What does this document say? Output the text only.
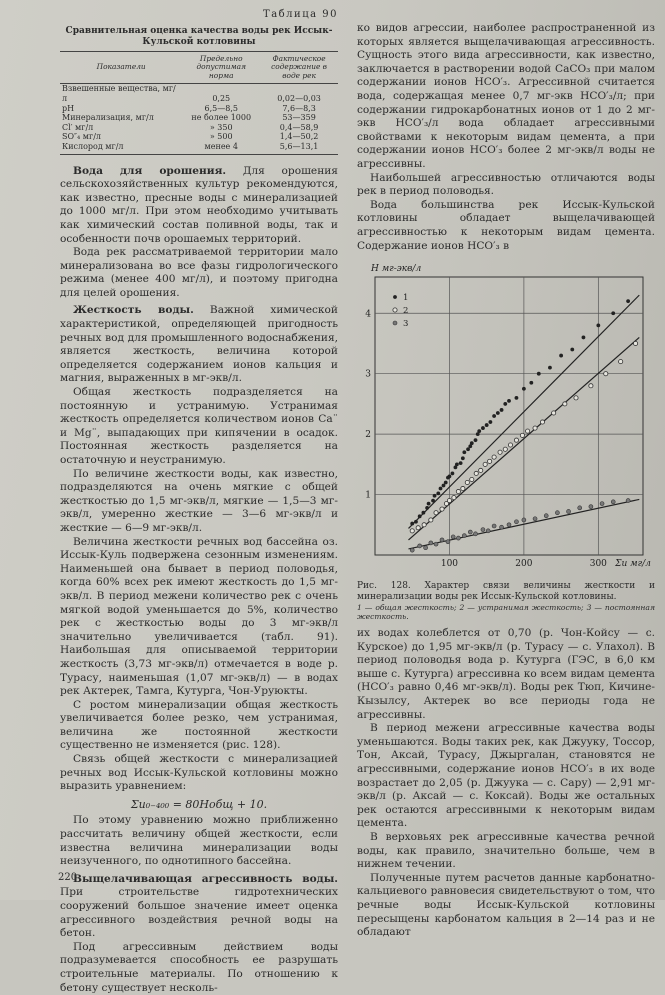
Таблица 90
Сравнительная оценка качества воды рек Иссык-Кульской котловины
Показатели	Предельно допустимая норма	Фактическое содержание в воде рек
Взвешенные вещества, мг/л	0,25	0,02—0,03
pH	6,5—8,5	7,6—8,3
Минерализация, мг/л	не более 1000	53—359
Cl′ мг/л	» 350	0,4—58,9
SO″₄ мг/л	» 500	1,4—50,2
Кислород мг/л	менее 4	5,6—13,1

Вода для орошения. Для орошения сельскохозяйственных культур рекомендуются, как известно, пресные воды с минерализацией до 1000 мг/л. При этом необходимо учитывать как химический состав поливной воды, так и особенности почв орошаемых территорий.

Вода рек рассматриваемой территории мало минерализована во все фазы гидрологического режима (менее 400 мг/л), и поэтому пригодна для целей орошения.

Жесткость воды. Важной химической характеристикой, определяющей пригодность речных вод для промышленного водоснабжения, является жесткость, величина которой определяется содержанием ионов кальция и магния, выраженных в мг-экв/л.

Общая жесткость подразделяется на постоянную и устранимую. Устранимая жесткость определяется количеством ионов Ca¨ и Mg¨, выпадающих при кипячении в осадок. Постоянная жесткость разделяется на остаточную и неустранимую.

По величине жесткости воды, как известно, подразделяются на очень мягкие с общей жесткостью до 1,5 мг-экв/л, мягкие — 1,5—3 мг-экв/л, умеренно жесткие — 3—6 мг-экв/л и жесткие — 6—9 мг-экв/л.

Величина жесткости речных вод бассейна оз. Иссык-Куль подвержена сезонным изменениям. Наименьшей она бывает в период половодья, когда 60% всех рек имеют жесткость до 1,5 мг-экв/л. В период межени количество рек с очень мягкой водой уменьшается до 5%, количество рек с жесткостью воды до 3 мг-экв/л значительно увеличивается (табл. 91). Наибольшая для описываемой территории жесткость (3,73 мг-экв/л) отмечается в воде р. Турасу, наименьшая (1,07 мг-экв/л) — в водах рек Актерек, Тамга, Кутурга, Чон-Уруюкты.

С ростом минерализации общая жесткость увеличивается более резко, чем устранимая, величина же постоянной жесткости существенно не изменяется (рис. 128).

Связь общей жесткости с минерализацией речных вод Иссык-Кульской котловины можно выразить уравнением:

Σи₀₋₄₀₀ = 80Hобщ + 10.

По этому уравнению можно приближенно рассчитать величину общей жесткости, если известна величина минерализации воды неизученного, по однотипного бассейна.

Выщелачивающая агрессивность воды. При строительстве гидротехнических сооружений большое значение имеет оценка агрессивного воздействия речной воды на бетон.

Под агрессивным действием воды подразумевается способность ее разрушать строительные материалы. По отношению к бетону существует несколь-

ко видов агрессии, наиболее распространенной из которых является выщелачивающая агрессивность. Сущность этого вида агрессивности, как известно, заключается в растворении водой CaCO₃ при малом содержании ионов HCO′₃. Агрессивной считается вода, содержащая менее 0,7 мг-экв HCO′₃/л; при содержании гидрокарбонатных ионов от 1 до 2 мг-экв HCO′₃/л вода обладает агрессивными свойствами к некоторым видам цемента, а при содержании ионов HCO′₃ более 2 мг-экв/л воды не агрессивны.

Наибольшей агрессивностью отличаются воды рек в период половодья.

Вода большинства рек Иссык-Кульской котловины обладает выщелачивающей агрессивностью к некоторым видам цемента. Содержание ионов HCO′₃ в

100	200	300
1
2
3
4
H мг-экв/л
Σи мг/л
1
2
3

Рис. 128. Характер связи величины жесткости и минерализации воды рек Иссык-Кульской котловины.

1 — общая жесткость; 2 — устранимая жесткость; 3 — постоянная жесткость.

их водах колеблется от 0,70 (р. Чон-Койсу — с. Курское) до 1,95 мг-экв/л (р. Турасу — с. Улахол). В период половодья вода р. Кутурга (ГЭС, в 6,0 км выше с. Кутурга) агрессивна ко всем видам цемента (HCO′₃ равно 0,46 мг-экв/л). Воды рек Тюп, Кичине-Кызылсу, Актерек во все периоды года не агрессивны.

В период межени агрессивные качества воды уменьшаются. Воды таких рек, как Джууку, Тоссор, Тон, Аксай, Турасу, Джыргалан, становятся не агрессивными, содержание ионов HCO′₃ в их воде возрастает до 2,05 (р. Джуука — с. Сару) — 2,91 мг-экв/л (р. Аксай — с. Коксай). Воды же остальных рек остаются агрессивными к некоторым видам цемента.

В верховьях рек агрессивные качества речной воды, как правило, значительно больше, чем в нижнем течении.

Полученные путем расчетов данные карбонатно-кальциевого равновесия свидетельствуют о том, что речные воды Иссык-Кульской котловины пересыщены карбонатом кальция в 2—14 раз и не обладают

220
